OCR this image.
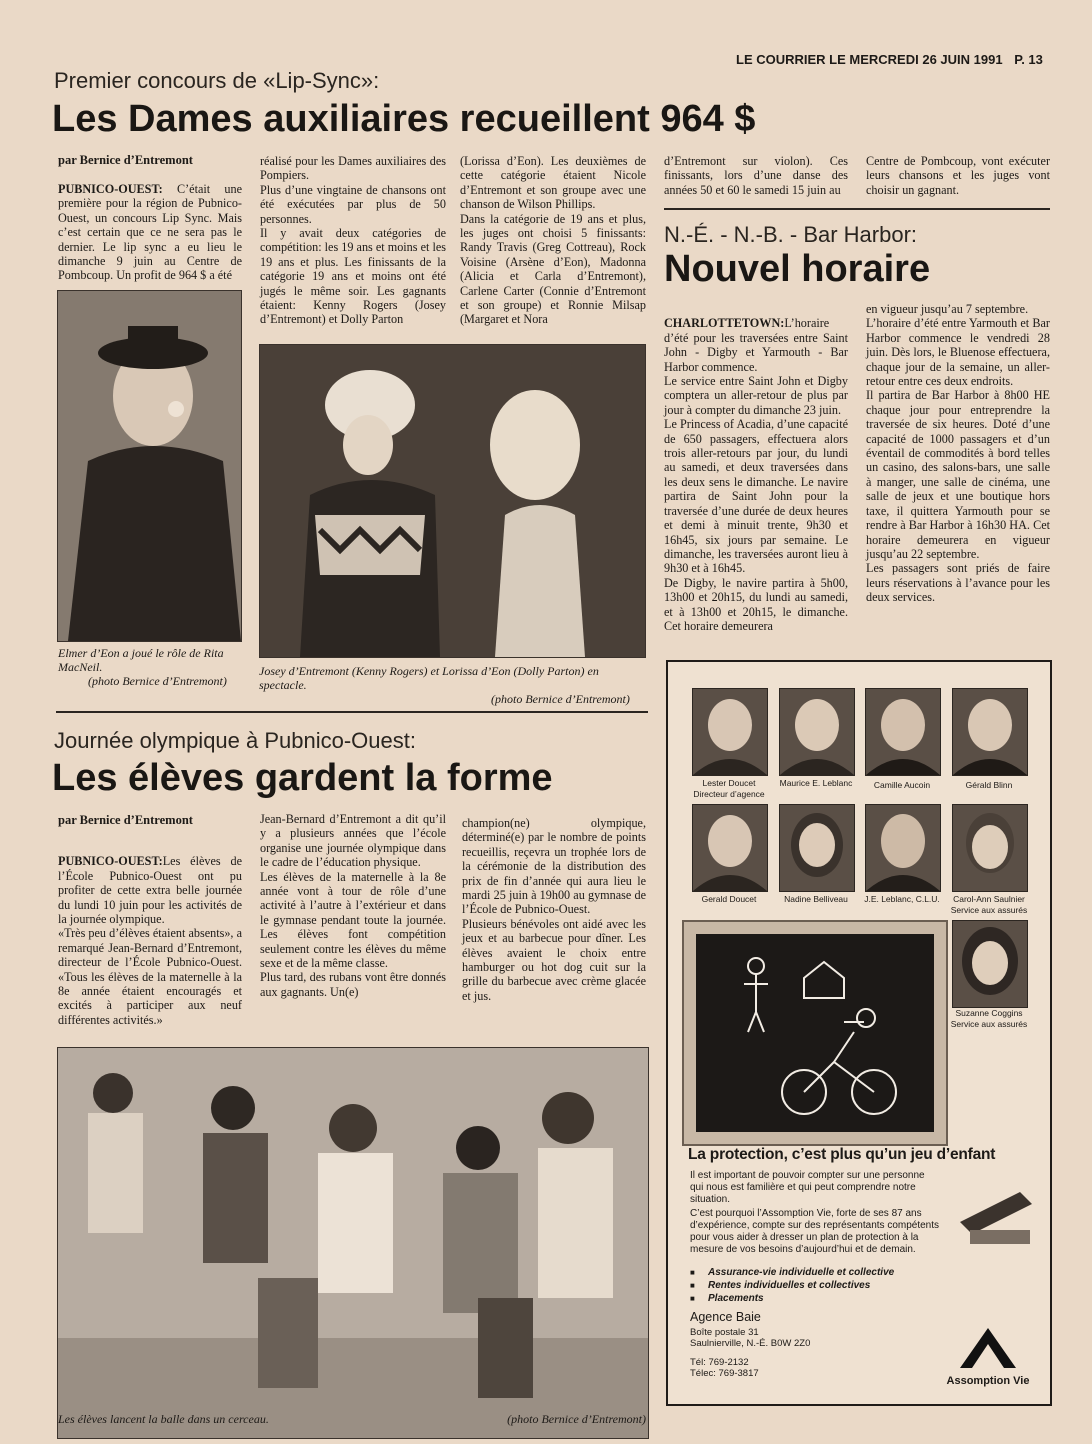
LE COURRIER LE MERCREDI 26 JUIN 1991 P. 13
Premier concours de «Lip-Sync»:
Les Dames auxiliaires recueillent 964 $
par Bernice d’Entremont
PUBNICO-OUEST: C’était une première pour la région de Pubnico-Ouest, un concours Lip Sync. Mais c’est certain que ce ne sera pas le dernier. Le lip sync a eu lieu le dimanche 9 juin au Centre de Pombcoup. Un profit de 964 $ a été
réalisé pour les Dames auxiliaires des Pompiers.
Plus d’une vingtaine de chansons ont été exécutées par plus de 50 personnes.
Il y avait deux catégories de compétition: les 19 ans et moins et les 19 ans et plus. Les finissants de la catégorie 19 ans et moins ont été jugés le même soir. Les gagnants étaient: Kenny Rogers (Josey d’Entremont) et Dolly Parton
(Lorissa d’Eon). Les deuxièmes de cette catégorie étaient Nicole d’Entremont et son groupe avec une chanson de Wilson Phillips.
Dans la catégorie de 19 ans et plus, les juges ont choisi 5 finissants: Randy Travis (Greg Cottreau), Rock Voisine (Arsène d’Eon), Madonna (Alicia et Carla d’Entremont), Carlene Carter (Connie d’Entremont et son groupe) et Ronnie Milsap (Margaret et Nora
d’Entremont sur violon). Ces finissants, lors d’une danse des années 50 et 60 le samedi 15 juin au
Centre de Pombcoup, vont exécuter leurs chansons et les juges vont choisir un gagnant.
Elmer d’Eon a joué le rôle de Rita MacNeil.
(photo Bernice d’Entremont)
Josey d’Entremont (Kenny Rogers) et Lorissa d’Eon (Dolly Parton) en spectacle.
(photo Bernice d’Entremont)
N.-É. - N.-B. - Bar Harbor:
Nouvel horaire

CHARLOTTETOWN:L’horaire d’été pour les traversées entre Saint John - Digby et Yarmouth - Bar Harbor commence.
Le service entre Saint John et Digby comptera un aller-retour de plus par jour à compter du dimanche 23 juin.
Le Princess of Acadia, d’une capacité de 650 passagers, effectuera alors trois aller-retours par jour, du lundi au samedi, et deux traversées dans les deux sens le dimanche. Le navire partira de Saint John pour la traversée d’une durée de deux heures et demi à minuit trente, 9h30 et 16h45, six jours par semaine. Le dimanche, les traversées auront lieu à 9h30 et à 16h45.
De Digby, le navire partira à 5h00, 13h00 et 20h15, du lundi au samedi, et à 13h00 et 20h15, le dimanche. Cet horaire demeurera

en vigueur jusqu’au 7 septembre.
L’horaire d’été entre Yarmouth et Bar Harbor commence le vendredi 28 juin. Dès lors, le Bluenose effectuera, chaque jour de la semaine, un aller-retour entre ces deux endroits.
Il partira de Bar Harbor à 8h00 HE chaque jour pour entreprendre la traversée de six heures. Doté d’une capacité de 1000 passagers et d’un éventail de commodités à bord telles un casino, des salons-bars, une salle à manger, une salle de cinéma, une salle de jeux et une boutique hors taxe, il quittera Yarmouth pour se rendre à Bar Harbor à 16h30 HA. Cet horaire demeurera en vigueur jusqu’au 22 septembre.
Les passagers sont priés de faire leurs réservations à l’avance pour les deux services.
Journée olympique à Pubnico-Ouest:
Les élèves gardent la forme
par Bernice d’Entremont

PUBNICO-OUEST:Les élèves de l’École Pubnico-Ouest ont pu profiter de cette extra belle journée du lundi 10 juin pour les activités de la journée olympique.
«Très peu d’élèves étaient absents», a remarqué Jean-Bernard d’Entremont, directeur de l’École Pubnico-Ouest. «Tous les élèves de la maternelle à la 8e année étaient encouragés et excités à participer aux neuf différentes activités.»

Jean-Bernard d’Entremont a dit qu’il y a plusieurs années que l’école organise une journée olympique dans le cadre de l’éducation physique.
Les élèves de la maternelle à la 8e année vont à tour de rôle d’une activité à l’autre à l’extérieur et dans le gymnase pendant toute la journée. Les élèves font compétition seulement contre les élèves du même sexe et de la même classe.
Plus tard, des rubans vont être donnés aux gagnants. Un(e)
champion(ne) olympique, déterminé(e) par le nombre de points recueillis, reçevra un trophée lors de la cérémonie de la distribution des prix de fin d’année qui aura lieu le mardi 25 juin à 19h00 au gymnase de l’École de Pubnico-Ouest.
Plusieurs bénévoles ont aidé avec les jeux et au barbecue pour dîner. Les élèves avaient le choix entre hamburger ou hot dog cuit sur la grille du barbecue avec crème glacée et jus.
Les élèves lancent la balle dans un cerceau.	(photo Bernice d’Entremont)
Lester Doucet
Directeur d’agence
Maurice E. Leblanc	Camille Aucoin	Gérald Blinn
Gerald Doucet	Nadine Belliveau	J.E. Leblanc, C.L.U.	Carol-Ann Saulnier
Service aux assurés
Suzanne Coggins
Service aux assurés
La protection, c’est plus qu’un jeu d’enfant
Il est important de pouvoir compter sur une personne qui nous est familière et qui peut comprendre notre situation.
C’est pourquoi l’Assomption Vie, forte de ses 87 ans d’expérience, compte sur des représentants compétents pour vous aider à dresser un plan de protection à la mesure de vos besoins d’aujourd’hui et de demain.
■ Assurance-vie individuelle et collective
■ Rentes individuelles et collectives
■ Placements
Agence Baie
Boîte postale 31
Saulnierville, N.-É. B0W 2Z0
Tél: 769-2132
Télec: 769-3817
Assomption Vie
